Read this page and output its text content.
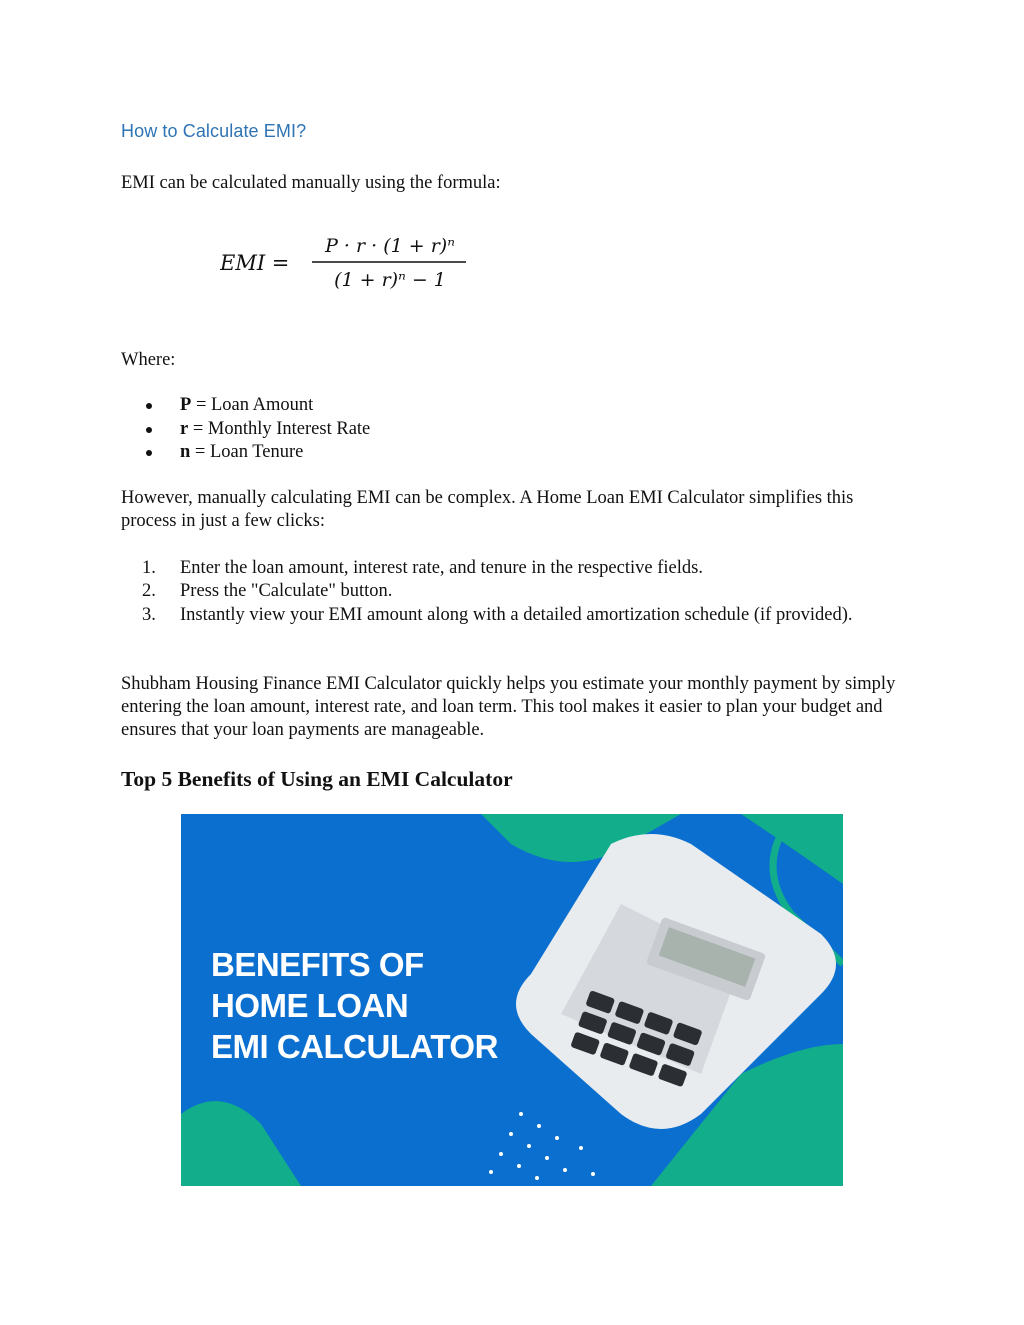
How to Calculate EMI?
EMI can be calculated manually using the formula:
EMI =
P · r · (1 + r)ⁿ
(1 + r)ⁿ − 1
Where:
P = Loan Amount
r = Monthly Interest Rate
n = Loan Tenure
However, manually calculating EMI can be complex. A Home Loan EMI Calculator simplifies this process in just a few clicks:
1. Enter the loan amount, interest rate, and tenure in the respective fields.
2. Press the "Calculate" button.
3. Instantly view your EMI amount along with a detailed amortization schedule (if provided).
Shubham Housing Finance EMI Calculator quickly helps you estimate your monthly payment by simply entering the loan amount, interest rate, and loan term. This tool makes it easier to plan your budget and ensures that your loan payments are manageable.
Top 5 Benefits of Using an EMI Calculator
BENEFITS OF
HOME LOAN
EMI CALCULATOR
